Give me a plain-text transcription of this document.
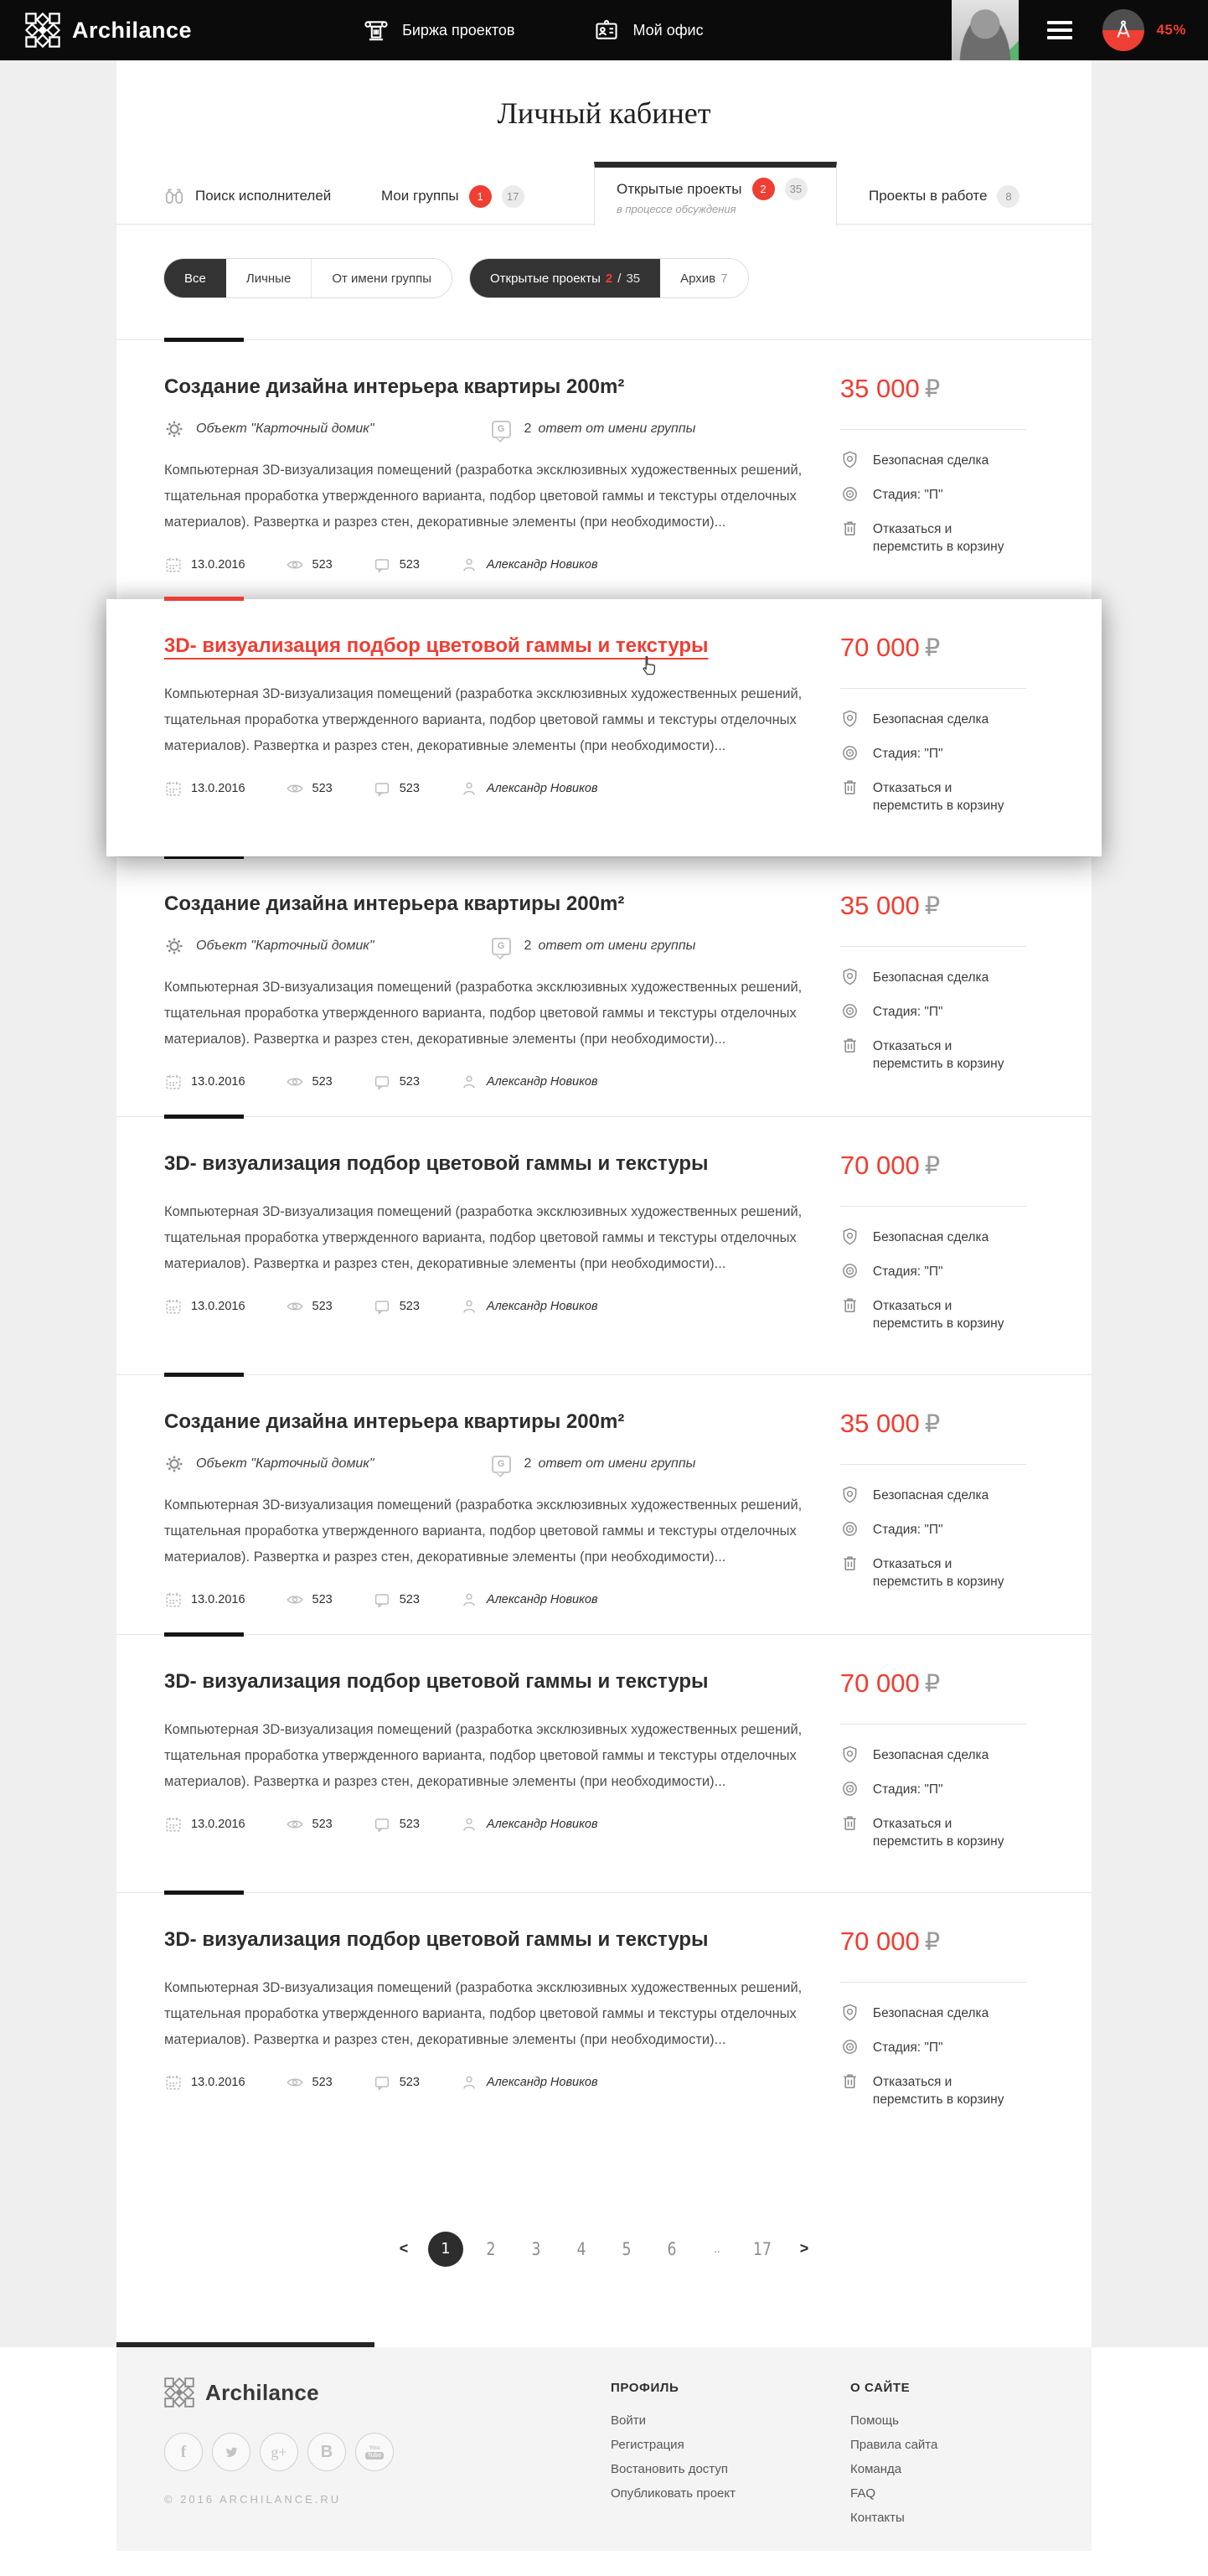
Archilance	Биржа проектов	Мой офис	45%
Личный кабинет
Поиск исполнителей	Мои группы	1	17	Открытые проекты	2	35
в процессе обсуждения
Проекты в работе	8
Все	Личные	От имени группы	Открытые проекты 2 / 35	Архив 7
Создание дизайна интерьера квартиры 200m²
Объект "Карточный домик"	G	2 ответ от имени группы

Компьютерная 3D-визуализация помещений (разработка эксклюзивных художественных решений, тщательная проработка утвержденного варианта, подбор цветовой гаммы и текстуры отделочных материалов). Развертка и разрез стен, декоративные элементы (при необходимости)...

13.0.2016	523	523	Александр Новиков
35 000 ₽
Безопасная сделка
Стадия: "П"
Отказаться и перемстить в корзину
3D- визуализация подбор цветовой гаммы и текстуры

Компьютерная 3D-визуализация помещений (разработка эксклюзивных художественных решений, тщательная проработка утвержденного варианта, подбор цветовой гаммы и текстуры отделочных материалов). Развертка и разрез стен, декоративные элементы (при необходимости)...

13.0.2016	523	523	Александр Новиков
70 000 ₽
Безопасная сделка
Стадия: "П"
Отказаться и перемстить в корзину
Создание дизайна интерьера квартиры 200m²
Объект "Карточный домик"	G	2 ответ от имени группы

Компьютерная 3D-визуализация помещений (разработка эксклюзивных художественных решений, тщательная проработка утвержденного варианта, подбор цветовой гаммы и текстуры отделочных материалов). Развертка и разрез стен, декоративные элементы (при необходимости)...

13.0.2016	523	523	Александр Новиков
35 000 ₽
Безопасная сделка
Стадия: "П"
Отказаться и перемстить в корзину
3D- визуализация подбор цветовой гаммы и текстуры

Компьютерная 3D-визуализация помещений (разработка эксклюзивных художественных решений, тщательная проработка утвержденного варианта, подбор цветовой гаммы и текстуры отделочных материалов). Развертка и разрез стен, декоративные элементы (при необходимости)...

13.0.2016	523	523	Александр Новиков
70 000 ₽
Безопасная сделка
Стадия: "П"
Отказаться и перемстить в корзину
Создание дизайна интерьера квартиры 200m²
Объект "Карточный домик"	G	2 ответ от имени группы

Компьютерная 3D-визуализация помещений (разработка эксклюзивных художественных решений, тщательная проработка утвержденного варианта, подбор цветовой гаммы и текстуры отделочных материалов). Развертка и разрез стен, декоративные элементы (при необходимости)...

13.0.2016	523	523	Александр Новиков
35 000 ₽
Безопасная сделка
Стадия: "П"
Отказаться и перемстить в корзину
3D- визуализация подбор цветовой гаммы и текстуры

Компьютерная 3D-визуализация помещений (разработка эксклюзивных художественных решений, тщательная проработка утвержденного варианта, подбор цветовой гаммы и текстуры отделочных материалов). Развертка и разрез стен, декоративные элементы (при необходимости)...

13.0.2016	523	523	Александр Новиков
70 000 ₽
Безопасная сделка
Стадия: "П"
Отказаться и перемстить в корзину
3D- визуализация подбор цветовой гаммы и текстуры

Компьютерная 3D-визуализация помещений (разработка эксклюзивных художественных решений, тщательная проработка утвержденного варианта, подбор цветовой гаммы и текстуры отделочных материалов). Развертка и разрез стен, декоративные элементы (при необходимости)...

13.0.2016	523	523	Александр Новиков
70 000 ₽
Безопасная сделка
Стадия: "П"
Отказаться и перемстить в корзину
<	1	2	3	4	5	6	..	17	>
Archilance
f	g+ B	You
Tube
© 2016 ARCHILANCE.RU
ПРОФИЛЬ
Войти
Регистрация
Востановить доступ
Опубликовать проект
О САЙТЕ
Помощь
Правила сайта
Команда
FAQ
Контакты
